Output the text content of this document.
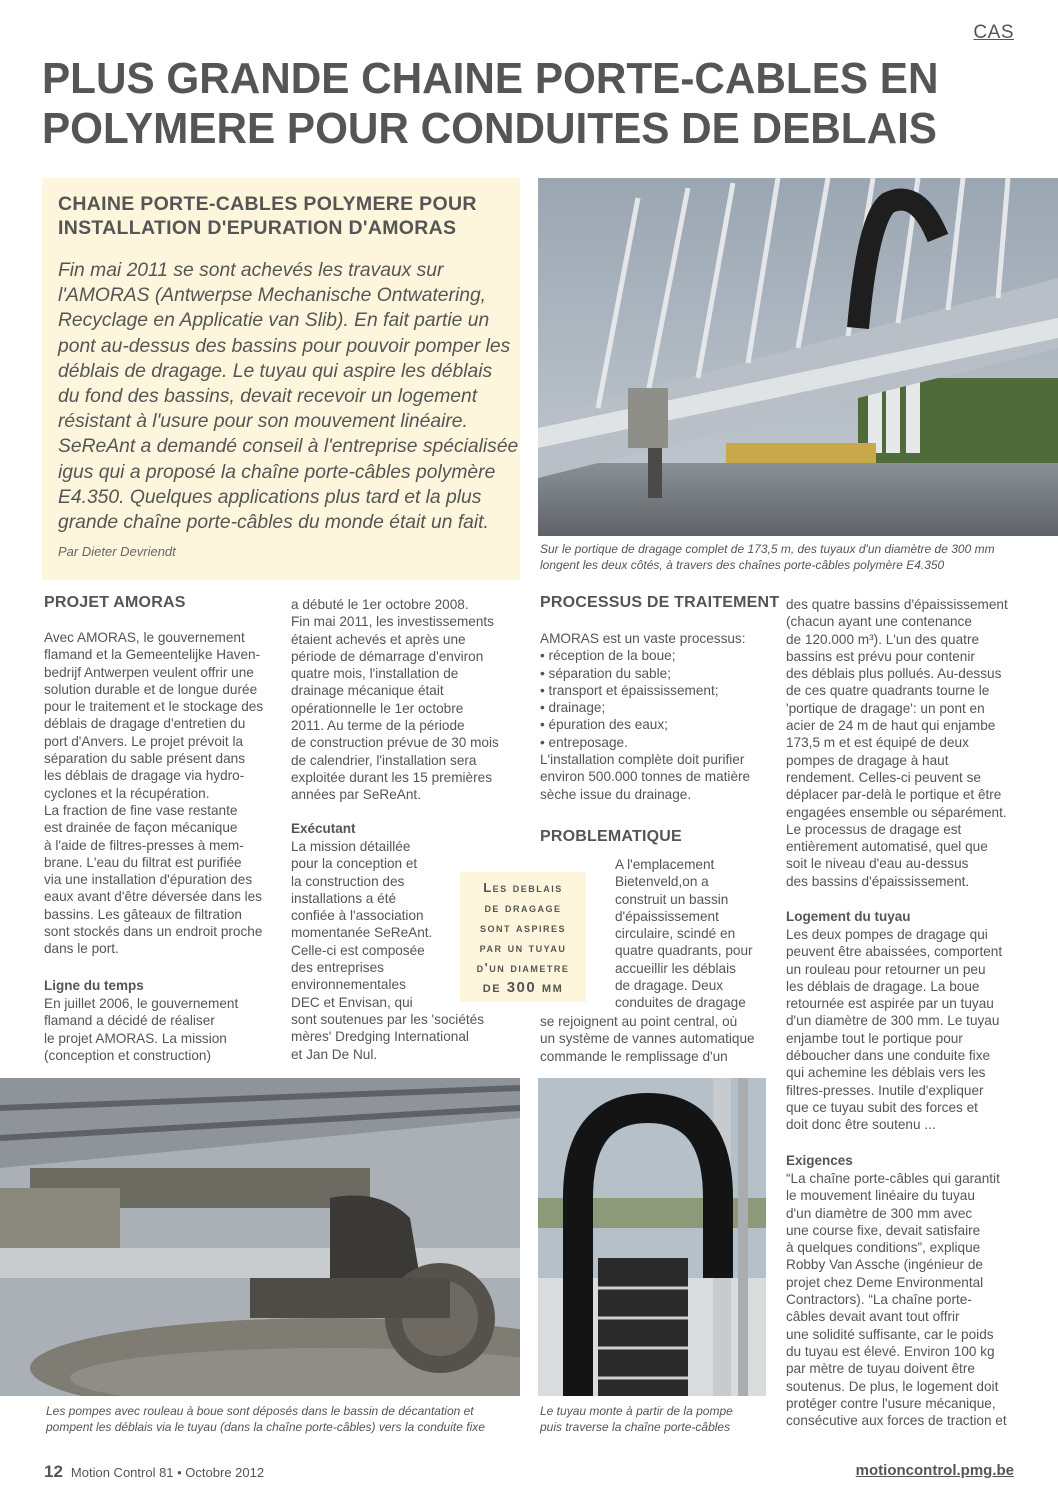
CAS
PLUS GRANDE CHAINE PORTE-CABLES EN
POLYMERE POUR CONDUITES DE DEBLAIS
CHAINE PORTE-CABLES POLYMERE POUR
INSTALLATION D'EPURATION D'AMORAS
Fin mai 2011 se sont achevés les travaux sur
l'AMORAS (Antwerpse Mechanische Ontwatering,
Recyclage en Applicatie van Slib). En fait partie un
pont au-dessus des bassins pour pouvoir pomper les
déblais de dragage. Le tuyau qui aspire les déblais
du fond des bassins, devait recevoir un logement
résistant à l'usure pour son mouvement linéaire.
SeReAnt a demandé conseil à l'entreprise spécialisée
igus qui a proposé la chaîne porte-câbles polymère
E4.350. Quelques applications plus tard et la plus
grande chaîne porte-câbles du monde était un fait.
Par Dieter Devriendt	Sur le portique de dragage complet de 173,5 m, des tuyaux d'un diamètre de 300 mm
longent les deux côtés, à travers des chaînes porte-câbles polymère E4.350
PROJET AMORAS
Avec AMORAS, le gouvernement
flamand et la Gemeentelijke Haven-
bedrijf Antwerpen veulent offrir une
solution durable et de longue durée
pour le traitement et le stockage des
déblais de dragage d'entretien du
port d'Anvers. Le projet prévoit la
séparation du sable présent dans
les déblais de dragage via hydro-
cyclones et la récupération.
La fraction de fine vase restante
est drainée de façon mécanique
à l'aide de filtres-presses à mem-
brane. L'eau du filtrat est purifiée
via une installation d'épuration des
eaux avant d'être déversée dans les
bassins. Les gâteaux de filtration
sont stockés dans un endroit proche
dans le port.
Ligne du temps
En juillet 2006, le gouvernement
flamand a décidé de réaliser
le projet AMORAS. La mission
(conception et construction)
a débuté le 1er octobre 2008.
Fin mai 2011, les investissements
étaient achevés et après une
période de démarrage d'environ
quatre mois, l'installation de
drainage mécanique était
opérationnelle le 1er octobre
2011. Au terme de la période
de construction prévue de 30 mois
de calendrier, l'installation sera
exploitée durant les 15 premières
années par SeReAnt.
Exécutant
La mission détaillée
pour la conception et
la construction des
installations a été
confiée à l'association
momentanée SeReAnt.
Celle-ci est composée
des entreprises
environnementales
DEC et Envisan, qui
sont soutenues par les 'sociétés
mères' Dredging International
et Jan De Nul.
Les deblais
de dragage
sont aspires
par un tuyau
d'un diametre
de 300 mm
PROCESSUS DE TRAITEMENT
AMORAS est un vaste processus:
• réception de la boue;
• séparation du sable;
• transport et épaississement;
• drainage;
• épuration des eaux;
• entreposage.
L'installation complète doit purifier
environ 500.000 tonnes de matière
sèche issue du drainage.
PROBLEMATIQUE
A l'emplacement
Bietenveld,on a
construit un bassin
d'épaississement
circulaire, scindé en
quatre quadrants, pour
accueillir les déblais
de dragage. Deux
conduites de dragage
se rejoignent au point central, où
un système de vannes automatique
commande le remplissage d'un
des quatre bassins d'épaississement
(chacun ayant une contenance
de 120.000 m³). L'un des quatre
bassins est prévu pour contenir
des déblais plus pollués. Au-dessus
de ces quatre quadrants tourne le
'portique de dragage': un pont en
acier de 24 m de haut qui enjambe
173,5 m et est équipé de deux
pompes de dragage à haut
rendement. Celles-ci peuvent se
déplacer par-delà le portique et être
engagées ensemble ou séparément.
Le processus de dragage est
entièrement automatisé, quel que
soit le niveau d'eau au-dessus
des bassins d'épaississement.
Logement du tuyau
Les deux pompes de dragage qui
peuvent être abaissées, comportent
un rouleau pour retourner un peu
les déblais de dragage. La boue
retournée est aspirée par un tuyau
d'un diamètre de 300 mm. Le tuyau
enjambe tout le portique pour
déboucher dans une conduite fixe
qui achemine les déblais vers les
filtres-presses. Inutile d'expliquer
que ce tuyau subit des forces et
doit donc être soutenu ...
Exigences
“La chaîne porte-câbles qui garantit
le mouvement linéaire du tuyau
d'un diamètre de 300 mm avec
une course fixe, devait satisfaire
à quelques conditions”, explique
Robby Van Assche (ingénieur de
projet chez Deme Environmental
Contractors). “La chaîne porte-
câbles devait avant tout offrir
une solidité suffisante, car le poids
du tuyau est élevé. Environ 100 kg
par mètre de tuyau doivent être
soutenus. De plus, le logement doit
protéger contre l'usure mécanique,
consécutive aux forces de traction et
Les pompes avec rouleau à boue sont déposés dans le bassin de décantation et
pompent les déblais via le tuyau (dans la chaîne porte-câbles) vers la conduite fixe
Le tuyau monte à partir de la pompe
puis traverse la chaîne porte-câbles
12 Motion Control 81 • Octobre 2012	motioncontrol.pmg.be
